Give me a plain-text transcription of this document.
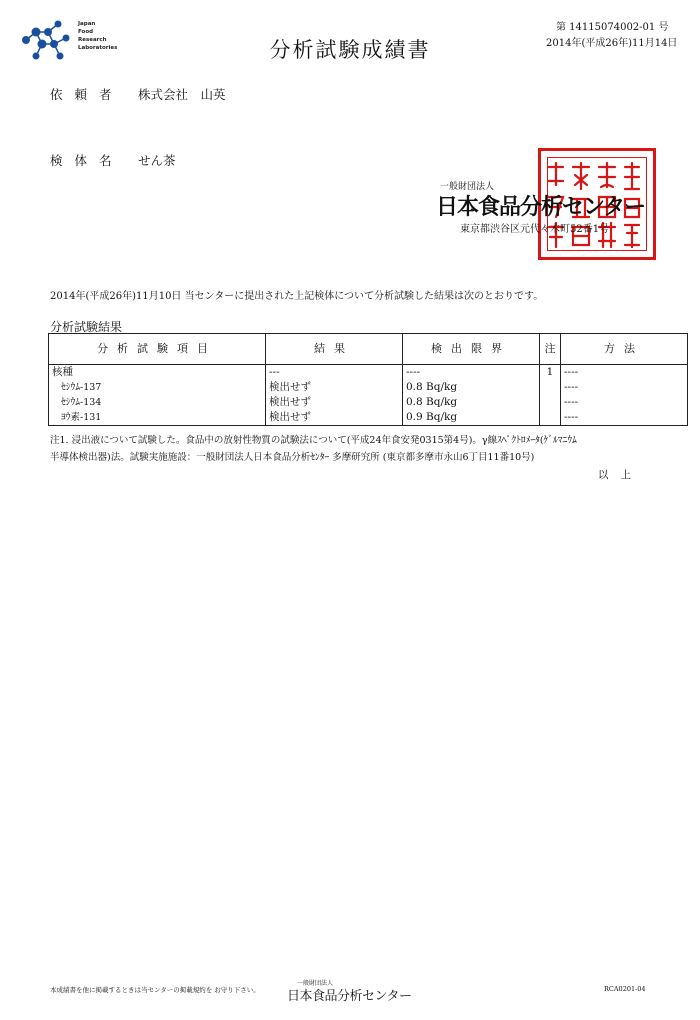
Japan
Food
Research
Laboratories	分析試験成績書
第 14115074002-01 号
2014年(平成26年)11月14日
依 頼 者 株式会社　山英
検 体 名 せん茶
一般財団法人
日本食品分析センター
東京都渋谷区元代々木町52番1号
2014年(平成26年)11月10日 当センターに提出された上記検体について分析試験した結果は次のとおりです。
分析試験結果
分析試験項目	結果	検出限界	注	方法
核種	---	----	1	----
ｾｼｳﾑ-137	検出せず	0.8 Bq/kg		----
ｾｼｳﾑ-134	検出せず	0.8 Bq/kg		----
ﾖｳ素-131	検出せず	0.9 Bq/kg		----
注1. 浸出液について試験した。食品中の放射性物質の試験法について(平成24年食安発0315第4号)。γ線ｽﾍﾟｸﾄﾛﾒｰﾀ(ｹﾞﾙﾏﾆｳﾑ
半導体検出器)法。試験実施施設：一般財団法人日本食品分析ｾﾝﾀｰ 多摩研究所 (東京都多摩市永山6丁目11番10号)
以上
本成績書を他に掲載するときは当センターの掲載規約を お守り下さい。
一般財団法人
日本食品分析センター	RCA0201-04
